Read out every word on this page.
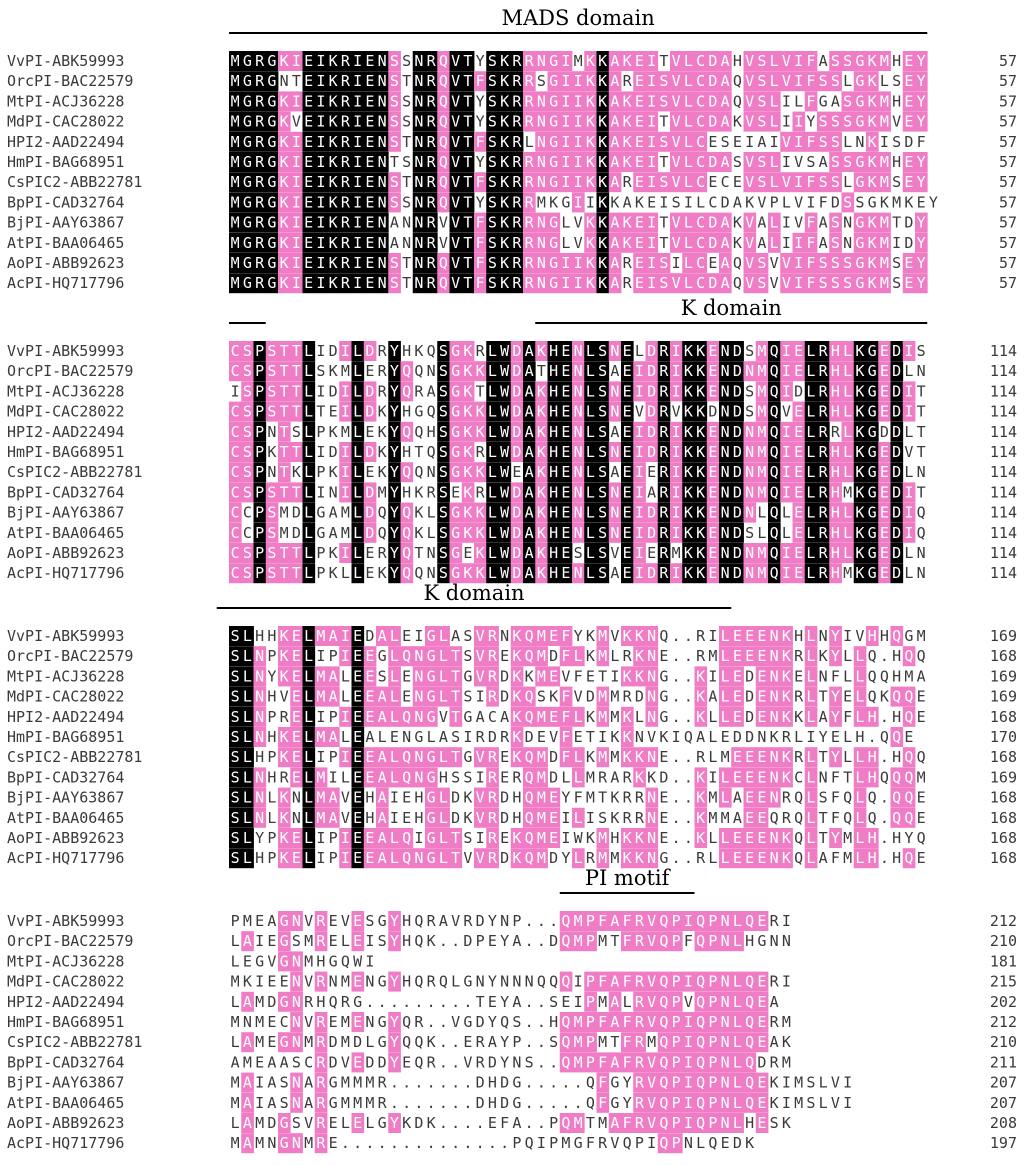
MADS domain
VvPI-ABK59993	M G R G K I E I K R I E N S S N R Q V T Y S K R R N G I M K K A K E I T V L C D A H V S L V I F A S S G K M H E Y	57
OrcPI-BAC22579	M G R G N T E I K R I E N S T N R Q V T F S K R R S G I I K K A R E I S V L C D A Q V S L V I F S S L G K L S E Y	57
MtPI-ACJ36228	M G R G K I E I K R I E N S S N R Q V T Y S K R R N G I I K K A K E I S V L C D A Q V S L I L F G A S G K M H E Y	57
MdPI-CAC28022	M G R G K V E I K R I E N S S N R Q V T Y S K R R N G I I K K A K E I T V L C D A K V S L I I Y S S S G K M V E Y	57
HPI2-AAD22494	M G R G K I E I K R I E N S T N R Q V T F S K R L N G I I K K A K E I S V L C E S E I A I V I F S S L N K I S D F	57
HmPI-BAG68951	M G R G K I E I K R I E N T S N R Q V T Y S K R R N G I I K K A K E I T V L C D A S V S L I V S A S S G K M H E Y	57
CsPIC2-ABB22781	M G R G K I E I K R I E N S T N R Q V T F S K R R N G I I K K A R E I S V L C E C E V S L V I F S S L G K M S E Y	57
BpPI-CAD32764	M G R G K I E I K R I E N S S N R Q V T Y S K R R M K G I I K K A K E I S I L C D A K V P L V I F D S S G K M K E Y	57
BjPI-AAY63867	M G R G K I E I K R I E N A N N R V V T F S K R R N G L V K K A K E I T V L C D A K V A L I V F A S N G K M T D Y	57
AtPI-BAA06465	M G R G K I E I K R I E N A N N R V V T F S K R R N G L V K K A K E I T V L C D A K V A L I I F A S N G K M I D Y	57
AoPI-ABB92623	M G R G K I E I K R I E N S T N R Q V T F S K R R N G I I K K A R E I S I L C E A Q V S V V I F S S S G K M S E Y	57
AcPI-HQ717796	M G R G K I E I K R I E N S T N R Q V T F S K R R N G I I K K A R E I S V L C D A Q V S V V I F S S S G K M S E Y	57
K domain
VvPI-ABK59993	C S P S T T L I D I L D R Y H K Q S G K R L W D A K H E N L S N E L D R I K K E N D S M Q I E L R H L K G E D I S	114
OrcPI-BAC22579	C S P S T T L S K M L E R Y Q Q N S G K K L W D A T H E N L S A E I D R I K K E N D N M Q I E L R H L K G E D L N	114
MtPI-ACJ36228	I S P S T T L I D I L D R Y Q R A S G K T L W D A K H E N L S N E I D R I K K E N D S M Q I D L R H L K G E D I T	114
MdPI-CAC28022	C S P S T T L T E I L D K Y H G Q S G K K L W D A K H E N L S N E V D R V K K D N D S M Q V E L R H L K G E D I T	114
HPI2-AAD22494	C S P N T S L P K M L E K Y Q Q H S G K K L W D A K H E N L S A E I D R I K K E N D N M Q I E L R R L K G D D L T	114
HmPI-BAG68951	C S P K T T L I D I L D K Y H T Q S G K R L W D A K H E N L S N E I D R I K K E N D N M Q I E L R H L K G E D V T	114
CsPIC2-ABB22781	C S P N T K L P K I L E K Y Q Q N S G K K L W E A K H E N L S A E I E R I K K E N D N M Q I E L R H L K G E D L N	114
BpPI-CAD32764	C S P S T T L I N I L D M Y H K R S E K R L W D A K H E N L S N E I A R I K K E N D N M Q I E L R H M K G E D I T	114
BjPI-AAY63867	C C P S M D L G A M L D Q Y Q K L S G K K L W D A K H E N L S N E I D R I K K E N D N L Q L E L R H L K G E D I Q	114
AtPI-BAA06465	C C P S M D L G A M L D Q Y Q K L S G K K L W D A K H E N L S N E I D R I K K E N D S L Q L E L R H L K G E D I Q	114
AoPI-ABB92623	C S P S T T L P K I L E R Y Q T N S G E K L W D A K H E S L S V E I E R M K K E N D N M Q I E L R H L K G E D L N	114
AcPI-HQ717796	C S P S T T L P K L L E K Y Q Q N S G K K L W D A K H E N L S A E I D R I K K E N D N M Q I E L R H M K G E D L N	114
K domain
VvPI-ABK59993	S L H H K E L M A I E D A L E I G L A S V R N K Q M E F Y K M V K K N Q . . R I L E E E N K H L N Y I V H H Q G M	169
OrcPI-BAC22579	S L N P K E L I P I E E G L Q N G L T S V R E K Q M D F L K M L R K N E . . R M L E E E N K R L K Y L L Q . H Q Q	168
MtPI-ACJ36228	S L N Y K E L M A L E E S L E N G L T G V R D K K M E V F E T I K K N G . . K I L E D E N K E L N F L L Q Q H M A	169
MdPI-CAC28022	S L N H V E L M A L E E A L E N G L T S I R D K Q S K F V D M M R D N G . . K A L E D E N K R L T Y E L Q K Q Q E	169
HPI2-AAD22494	S L N P R E L I P I E E A L Q N G V T G A C A K Q M E F L K M M K L N G . . K L L E D E N K K L A Y F L H . H Q E	168
HmPI-BAG68951	S L N H K E L M A L E A L E N G L A S I R D R K D E V F E T I K K N V K I Q A L E D D N K R L I Y E L H . Q Q E	170
CsPIC2-ABB22781	S L H P K E L I P I E E A L Q N G L T G V R E K Q M D F L K M M K K N E . . R L M E E E N K R L T Y L L H . H Q Q	168
BpPI-CAD32764	S L N H R E L M I L E E A L Q N G H S S I R E R Q M D L L M R A R K K D . . K I L E E E N K C L N F T L H Q Q Q M	169
BjPI-AAY63867	S L N L K N L M A V E H A I E H G L D K V R D H Q M E Y F M T K R R N E . . K M L A E E N R Q L S F Q L Q . Q Q E	168
AtPI-BAA06465	S L N L K N L M A V E H A I E H G L D K V R D H Q M E I L I S K R R N E . . K M M A E E Q R Q L T F Q L Q . Q Q E	168
AoPI-ABB92623	S L Y P K E L I P I E E A L Q I G L T S I R E K Q M E I W K M H K K N E . . K L L E E E N K Q L T Y M L H . H Y Q	168
AcPI-HQ717796	S L H P K E L I P I E E A L Q N G L T V V R D K Q M D Y L R M M K K N G . . R L L E E E N K Q L A F M L H . H Q E	168
PI motif
VvPI-ABK59993	P M E A G N V R E V E S G Y H Q R A V R D Y N P . . . Q M P F A F R V Q P I Q P N L Q E R I	212
OrcPI-BAC22579	L A I E G S M R E L E I S Y H Q K . . D P E Y A . . D Q M P M T F R V Q P F Q P N L H G N N	210
MtPI-ACJ36228	L E G V G N M H G Q W I	181
MdPI-CAC28022	M K I E E N V R N M E N G Y H Q R Q L G N Y N N N Q Q Q I P F A F R V Q P I Q P N L Q E R I	215
HPI2-AAD22494	L A M D G N R H Q R G . . . . . . . . . T E Y A . . S E I P M A L R V Q P V Q P N L Q E A	202
HmPI-BAG68951	M N M E C N V R E M E N G Y Q R . . V G D Y Q S . . H Q M P F A F R V Q P I Q P N L Q E R M	212
CsPIC2-ABB22781	L A M E G N M R D M D L G Y Q Q K . . E R A Y P . . S Q M P M T F R M Q P I Q P N L Q E A K	210
BpPI-CAD32764	A M E A A S C R D V E D D Y E Q R . . V R D Y N S . . Q M P F A F R V Q P I Q P N L Q D R M	211
BjPI-AAY63867	M A I A S N A R G M M M R . . . . . . . D H D G . . . . . Q F G Y R V Q P I Q P N L Q E K I M S L V I	207
AtPI-BAA06465	M A I A S N A R G M M M R . . . . . . . D H D G . . . . . Q F G Y R V Q P I Q P N L Q E K I M S L V I	207
AoPI-ABB92623	L A M D G S V R E L E L G Y K D K . . . . E F A . . P Q M T M A F R V Q P I Q P N L H E S K	208
AcPI-HQ717796	M A M N G N M R E . . . . . . . . . . . . . . P Q I P M G F R V Q P I Q P N L Q E D K	197
